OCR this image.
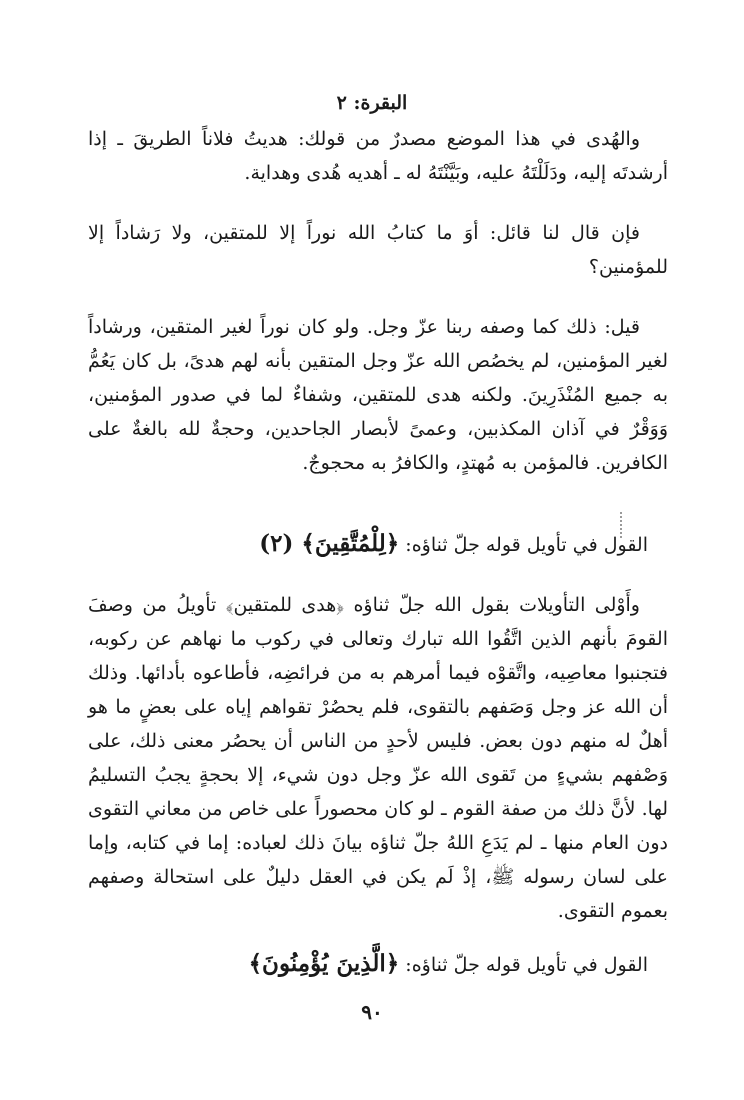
البقرة: ٢

والهُدى في هذا الموضع مصدرٌ من قولك: هديتُ فلاناً الطريقَ ـ إذا أرشدتَه إليه، ودَلَلْتَهُ عليه، وبَيَّنْتَهُ له ـ أهديه هُدى وهداية.

فإن قال لنا قائل: أوَ ما كتابُ الله نوراً إلا للمتقين، ولا رَشاداً إلا للمؤمنين؟

قيل: ذلك كما وصفه ربنا عزّ وجل. ولو كان نوراً لغير المتقين، ورشاداً لغير المؤمنين، لم يخصُص الله عزّ وجل المتقين بأنه لهم هدىً، بل كان يَعُمُّ به جميع المُنْذَرِينَ. ولكنه هدى للمتقين، وشفاءٌ لما في صدور المؤمنين، وَوَقْرٌ في آذان المكذبين، وعمىً لأبصار الجاحدين، وحجةٌ لله بالغةٌ على الكافرين. فالمؤمن به مُهتدٍ، والكافرُ به محجوجٌ.

القول في تأويل قوله جلّ ثناؤه: ﴿لِلْمُتَّقِينَ﴾ (٢)

وأَوْلى التأويلات بقول الله جلّ ثناؤه ﴿هدى للمتقين﴾ تأويلُ من وصفَ القومَ بأنهم الذين اتَّقُوا الله تبارك وتعالى في ركوب ما نهاهم عن ركوبه، فتجنبوا معاصِيه، واتَّقوْه فيما أمرهم به من فرائضِه، فأطاعوه بأدائها. وذلك أن الله عز وجل وَصَفهم بالتقوى، فلم يحصُرْ تقواهم إياه على بعضٍ ما هو أهلٌ له منهم دون بعض. فليس لأحدٍ من الناس أن يحصُر معنى ذلك، على وَصْفهم بشيءٍ من تَقوى الله عزّ وجل دون شيء، إلا بحجةٍ يجبُ التسليمُ لها. لأنَّ ذلك من صفة القوم ـ لو كان محصوراً على خاص من معاني التقوى دون العام منها ـ لم يَدَعِ اللهُ جلّ ثناؤه بيانَ ذلك لعباده: إما في كتابه، وإما على لسان رسوله ﷺ، إذْ لَم يكن في العقل دليلٌ على استحالة وصفهم بعموم التقوى.

القول في تأويل قوله جلّ ثناؤه: ﴿الَّذِينَ يُؤْمِنُونَ﴾
٩٠
